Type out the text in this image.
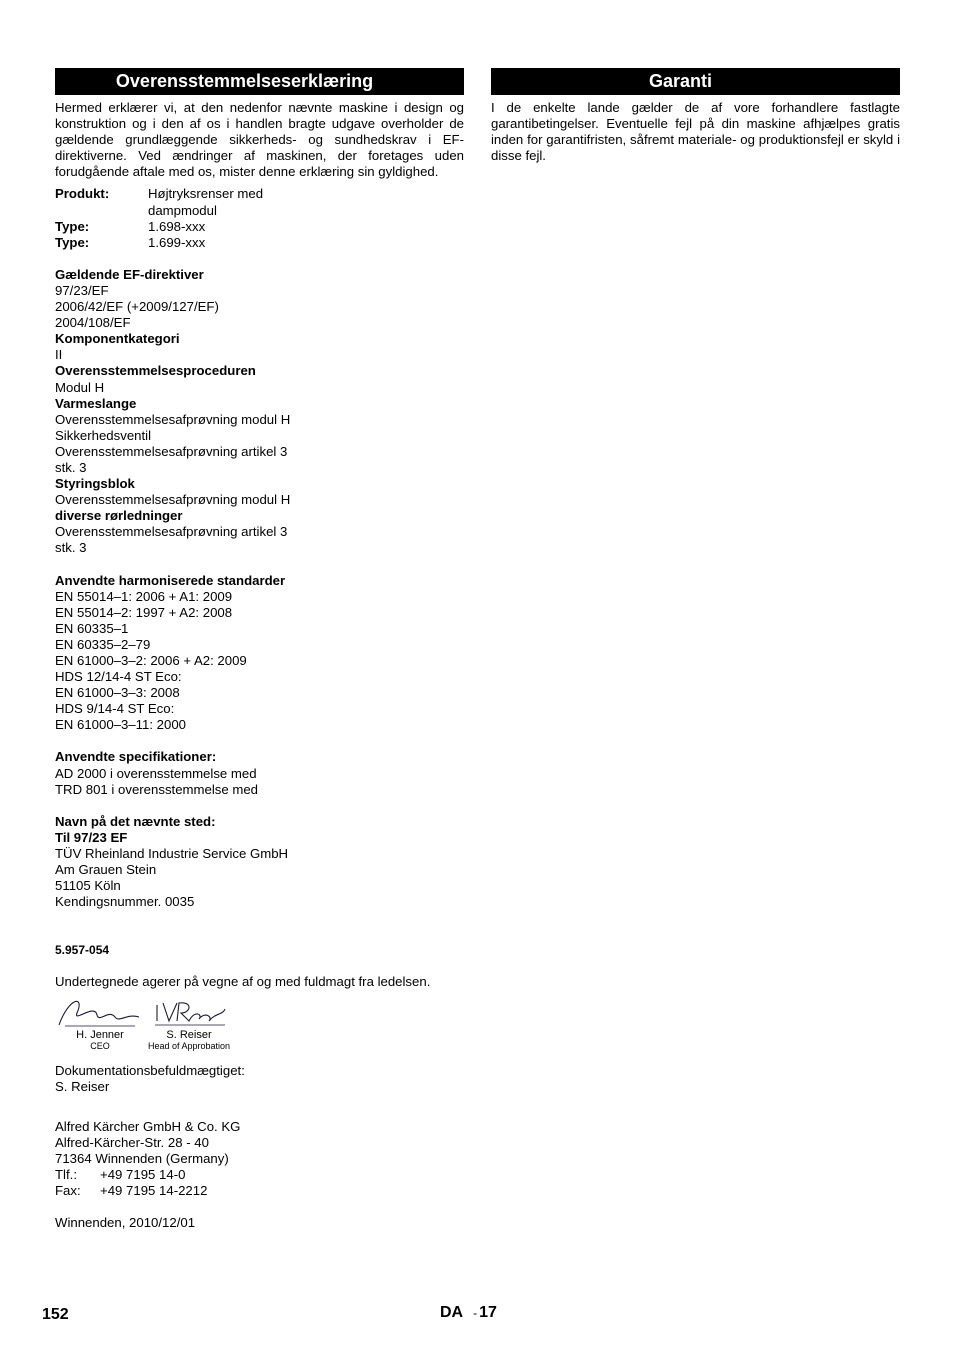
Overensstemmelseserklæring

Hermed erklærer vi, at den nedenfor nævnte maskine i design og konstruktion og i den af os i handlen bragte udgave overholder de gældende grundlæggende sikkerheds- og sundhedskrav i EF-direktiverne. Ved ændringer af maskinen, der foretages uden forudgående aftale med os, mister denne erklæring sin gyldighed.

Produkt:	Højtryksrenser med dampmodul
Type:	1.698-xxx
Type:	1.699-xxx
Gældende EF-direktiver
97/23/EF
2006/42/EF (+2009/127/EF)
2004/108/EF
Komponentkategori
II
Overensstemmelsesproceduren
Modul H
Varmeslange
Overensstemmelsesafprøvning modul H
Sikkerhedsventil
Overensstemmelsesafprøvning artikel 3
stk. 3
Styringsblok
Overensstemmelsesafprøvning modul H
diverse rørledninger
Overensstemmelsesafprøvning artikel 3
stk. 3
Anvendte harmoniserede standarder
EN 55014–1: 2006 + A1: 2009
EN 55014–2: 1997 + A2: 2008
EN 60335–1
EN 60335–2–79
EN 61000–3–2: 2006 + A2: 2009
HDS 12/14-4 ST Eco:
EN 61000–3–3: 2008
HDS 9/14-4 ST Eco:
EN 61000–3–11: 2000
Anvendte specifikationer:
AD 2000 i overensstemmelse med
TRD 801 i overensstemmelse med
Navn på det nævnte sted:
Til 97/23 EF
TÜV Rheinland Industrie Service GmbH
Am Grauen Stein
51105 Köln
Kendingsnummer. 0035
5.957-054
Undertegnede agerer på vegne af og med fuldmagt fra ledelsen.
H. Jenner
CEO
S. Reiser
Head of Approbation
Dokumentationsbefuldmægtiget:
S. Reiser
Alfred Kärcher GmbH & Co. KG
Alfred-Kärcher-Str. 28 - 40
71364 Winnenden (Germany)
Tlf.:	+49 7195 14-0
Fax:	+49 7195 14-2212
Winnenden, 2010/12/01
Garanti

I de enkelte lande gælder de af vore forhandlere fastlagte garantibetingelser. Eventuelle fejl på din maskine afhjælpes gratis inden for garantifristen, såfremt materiale- og produktionsfejl er skyld i disse fejl.

152	DA - 17
